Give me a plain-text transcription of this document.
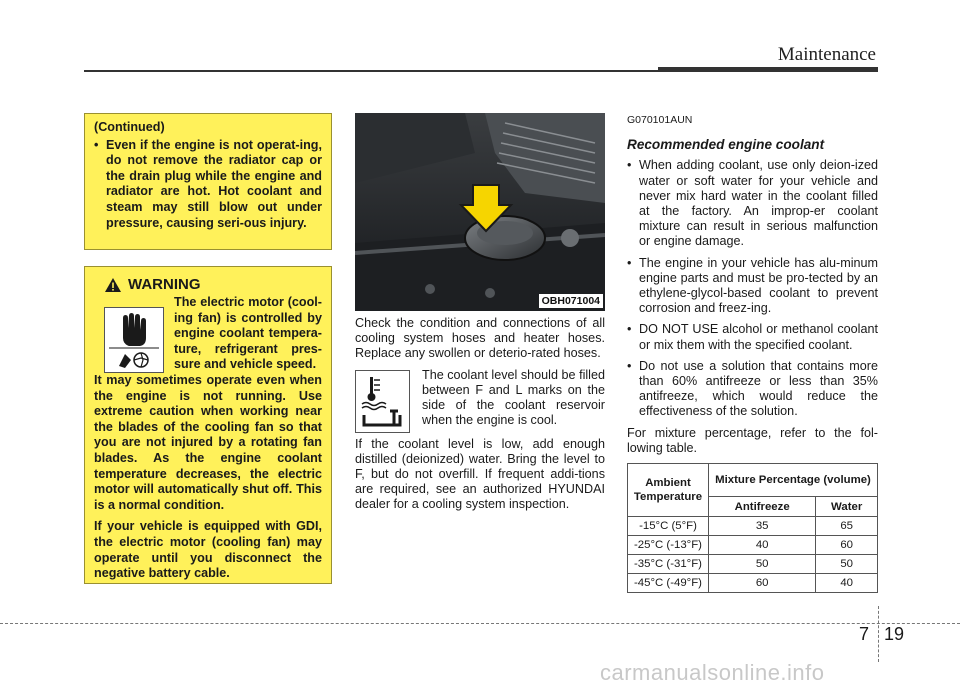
Maintenance
(Continued)
• Even if the engine is not operat-ing, do not remove the radiator cap or the drain plug while the engine and radiator are hot. Hot coolant and steam may still blow out under pressure, causing seri-ous injury.
WARNING
The electric motor (cool-ing fan) is controlled by engine coolant tempera-ture, refrigerant pres-sure and vehicle speed.

It may sometimes operate even when the engine is not running. Use extreme caution when working near the blades of the cooling fan so that you are not injured by a rotating fan blades. As the engine coolant temperature decreases, the electric motor will automatically shut off. This is a normal condition.

If your vehicle is equipped with GDI, the electric motor (cooling fan) may operate until you disconnect the negative battery cable.

OBH071004

Check the condition and connections of all cooling system hoses and heater hoses. Replace any swollen or deterio-rated hoses.

The coolant level should be filled between F and L marks on the side of the coolant reservoir when the engine is cool.

If the coolant level is low, add enough distilled (deionized) water. Bring the level to F, but do not overfill. If frequent addi-tions are required, see an authorized HYUNDAI dealer for a cooling system inspection.

G070101AUN
Recommended engine coolant
• When adding coolant, use only deion-ized water or soft water for your vehicle and never mix hard water in the coolant filled at the factory. An improp-er coolant mixture can result in serious malfunction or engine damage.
• The engine in your vehicle has alu-minum engine parts and must be pro-tected by an ethylene-glycol-based coolant to prevent corrosion and freez-ing.
• DO NOT USE alcohol or methanol coolant or mix them with the specified coolant.
• Do not use a solution that contains more than 60% antifreeze or less than 35% antifreeze, which would reduce the effectiveness of the solution.

For mixture percentage, refer to the fol-lowing table.

Ambient Temperature	Mixture Percentage (volume)	
	Antifreeze	Water
-15°C (5°F)	35	65
-25°C (-13°F)	40	60
-35°C (-31°F)	50	50
-45°C (-49°F)	60	40
7 19
carmanualsonline.info
